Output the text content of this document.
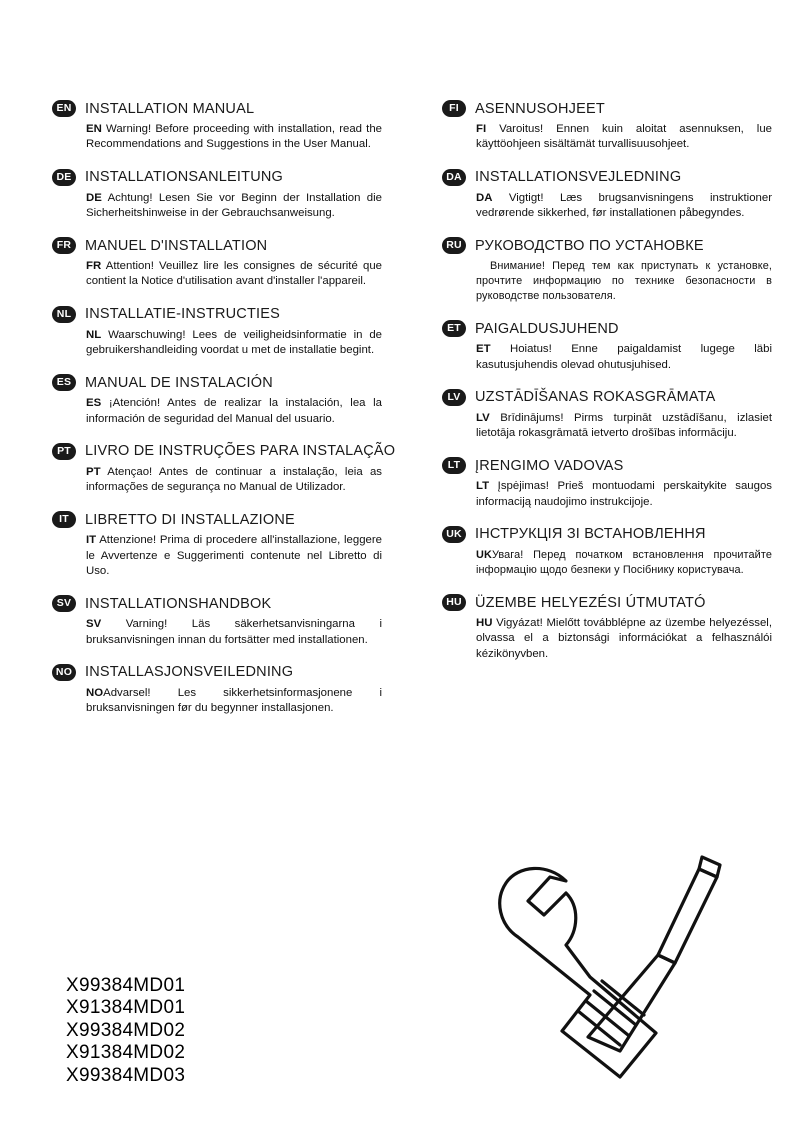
EN INSTALLATION MANUAL
EN Warning! Before proceeding with installation, read the Recommendations and Suggestions in the User Manual.
DE INSTALLATIONSANLEITUNG
DE Achtung! Lesen Sie vor Beginn der Installation die Sicherheitshinweise in der Gebrauchsanweisung.
FR MANUEL D'INSTALLATION
FR Attention! Veuillez lire les consignes de sécurité que contient la Notice d'utilisation avant d'installer l'appareil.
NL INSTALLATIE-INSTRUCTIES
NL Waarschuwing! Lees de veiligheidsinformatie in de gebruikershandleiding voordat u met de installatie begint.
ES MANUAL DE INSTALACIÓN
ES ¡Atención! Antes de realizar la instalación, lea la información de seguridad del Manual del usuario.
PT LIVRO DE INSTRUÇÕES PARA INSTALAÇÃO
PT Atençao! Antes de continuar a instalação, leia as informações de segurança no Manual de Utilizador.
IT	LIBRETTO DI INSTALLAZIONE
IT Attenzione! Prima di procedere all'installazione, leggere le Avvertenze e Suggerimenti contenute nel Libretto di Uso.
SV INSTALLATIONSHANDBOK
SV Varning! Läs säkerhetsanvisningarna i bruksanvisningen innan du fortsätter med installationen.
NO INSTALLASJONSVEILEDNING
NOAdvarsel! Les sikkerhetsinformasjonene i bruksanvisningen før du begynner installasjonen.
FI	ASENNUSOHJEET
FI Varoitus! Ennen kuin aloitat asennuksen, lue käyttöohjeen sisältämät turvallisuusohjeet.
DA INSTALLATIONSVEJLEDNING
DA Vigtigt! Læs brugsanvisningens instruktioner vedrørende sikkerhed, før installationen påbegyndes.
RU РУКОВОДСТВО ПО УСТАНОВКЕ
Внимание! Перед тем как приступать к установке, прочтите информацию по технике безопасности в руководстве пользователя.
ET PAIGALDUSJUHEND
ET Hoiatus! Enne paigaldamist lugege läbi kasutusjuhendis olevad ohutusjuhised.
LV UZSTĀDĪŠANAS ROKASGRĀMATA
LV Brīdinājums! Pirms turpināt uzstādīšanu, izlasiet lietotāja rokasgrāmatā ietverto drošības informāciju.
LT	ĮRENGIMO VADOVAS
LT Įspėjimas! Prieš montuodami perskaitykite saugos informaciją naudojimo instrukcijoje.
UK ІНСТРУКЦІЯ ЗІ ВСТАНОВЛЕННЯ
UKУвага! Перед початком встановлення прочитайте інформацію щодо безпеки у Посібнику користувача.
HU ÜZEMBE HELYEZÉSI ÚTMUTATÓ
HU Vigyázat! Mielőtt továbblépne az üzembe helyezéssel, olvassa el a biztonsági információkat a felhasználói kézikönyvben.
X99384MD01
X91384MD01
X99384MD02
X91384MD02
X99384MD03
